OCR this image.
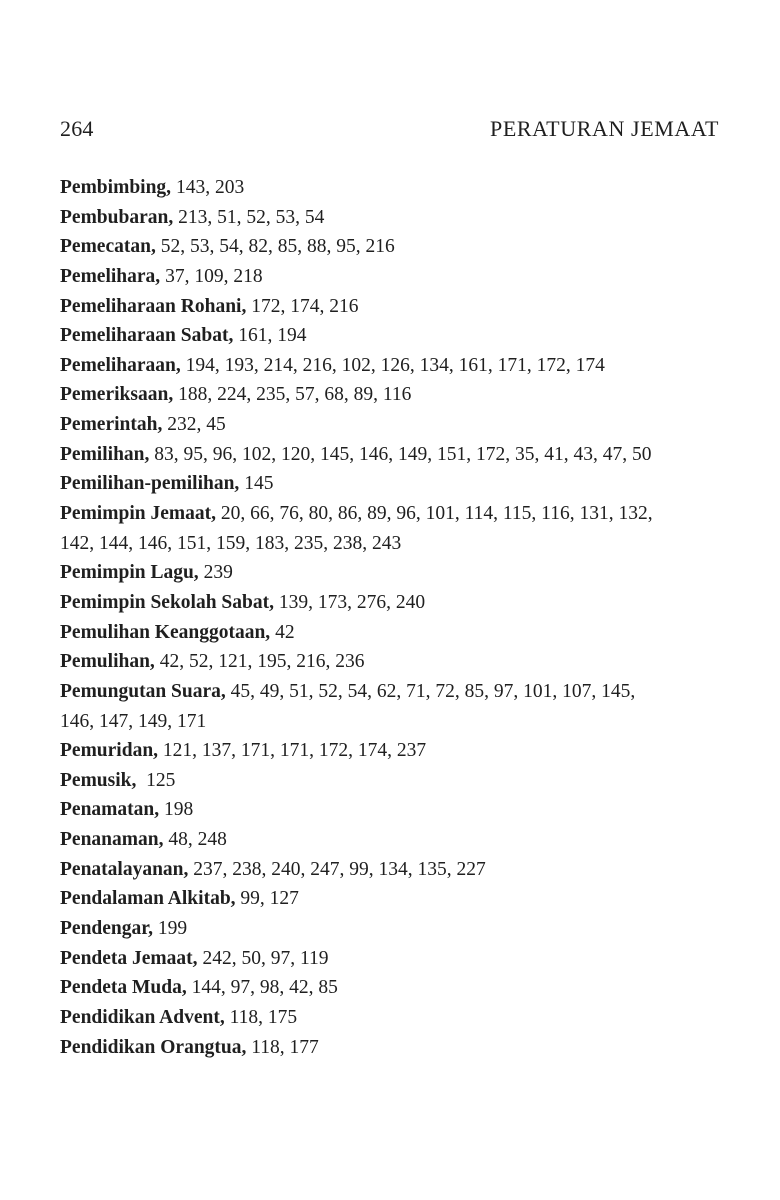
264	PERATURAN JEMAAT
Pembimbing, 143, 203
Pembubaran, 213, 51, 52, 53, 54
Pemecatan, 52, 53, 54, 82, 85, 88, 95, 216
Pemelihara, 37, 109, 218
Pemeliharaan Rohani, 172, 174, 216
Pemeliharaan Sabat, 161, 194
Pemeliharaan, 194, 193, 214, 216, 102, 126, 134, 161, 171, 172, 174
Pemeriksaan, 188, 224, 235, 57, 68, 89, 116
Pemerintah, 232, 45
Pemilihan, 83, 95, 96, 102, 120, 145, 146, 149, 151, 172, 35, 41, 43, 47, 50
Pemilihan-pemilihan, 145
Pemimpin Jemaat, 20, 66, 76, 80, 86, 89, 96, 101, 114, 115, 116, 131, 132,
142, 144, 146, 151, 159, 183, 235, 238, 243
Pemimpin Lagu, 239
Pemimpin Sekolah Sabat, 139, 173, 276, 240
Pemulihan Keanggotaan, 42
Pemulihan, 42, 52, 121, 195, 216, 236
Pemungutan Suara, 45, 49, 51, 52, 54, 62, 71, 72, 85, 97, 101, 107, 145,
146, 147, 149, 171
Pemuridan, 121, 137, 171, 171, 172, 174, 237
Pemusik,  125
Penamatan, 198
Penanaman, 48, 248
Penatalayanan, 237, 238, 240, 247, 99, 134, 135, 227
Pendalaman Alkitab, 99, 127
Pendengar, 199
Pendeta Jemaat, 242, 50, 97, 119
Pendeta Muda, 144, 97, 98, 42, 85
Pendidikan Advent, 118, 175
Pendidikan Orangtua, 118, 177
